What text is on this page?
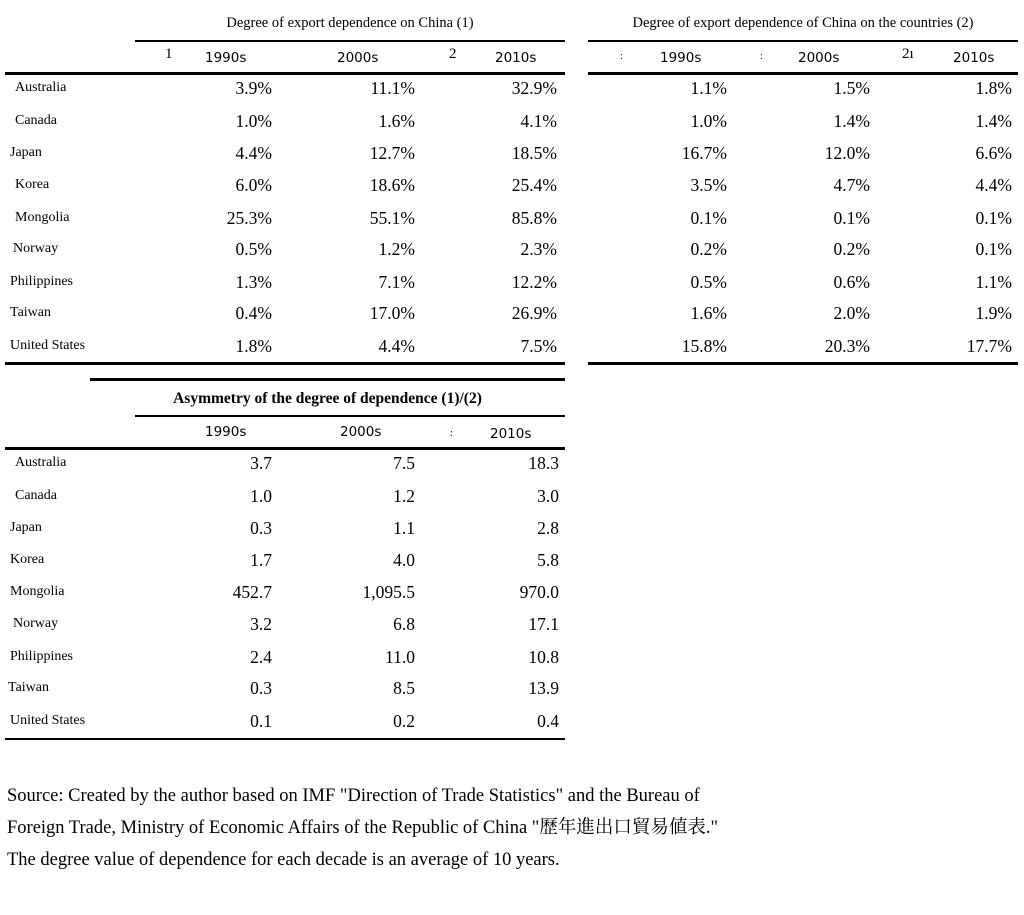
Degree of export dependence on China (1)
1 1990s	2000s	2	2010s
Australia	3.9%	11.1%	32.9%
Canada	1.0%	1.6%	4.1%
Japan	4.4%	12.7%	18.5%
Korea	6.0%	18.6%	25.4%
Mongolia	25.3%	55.1%	85.8%
Norway	0.5%	1.2%	2.3%
Philippines	1.3%	7.1%	12.2%
Taiwan	0.4%	17.0%	26.9%
United States	1.8%	4.4%	7.5%
Degree of export dependence of China on the countries (2)
:	1990s	:	2000s	2ı	2010s
1.1%	1.5%	1.8%
1.0%	1.4%	1.4%
16.7%	12.0%	6.6%
3.5%	4.7%	4.4%
0.1%	0.1%	0.1%
0.2%	0.2%	0.1%
0.5%	0.6%	1.1%
1.6%	2.0%	1.9%
15.8%	20.3%	17.7%
Asymmetry of the degree of dependence (1)/(2)
1990s	2000s	:	2010s
Australia	3.7	7.5	18.3
Canada	1.0	1.2	3.0
Japan	0.3	1.1	2.8
Korea	1.7	4.0	5.8
Mongolia	452.7	1,095.5	970.0
Norway	3.2	6.8	17.1
Philippines	2.4	11.0	10.8
Taiwan	0.3	8.5	13.9
United States	0.1	0.2	0.4
Source: Created by the author based on IMF "Direction of Trade Statistics" and the Bureau of
Foreign Trade, Ministry of Economic Affairs of the Republic of China "歷年進出口貿易値表."
The degree value of dependence for each decade is an average of 10 years.
